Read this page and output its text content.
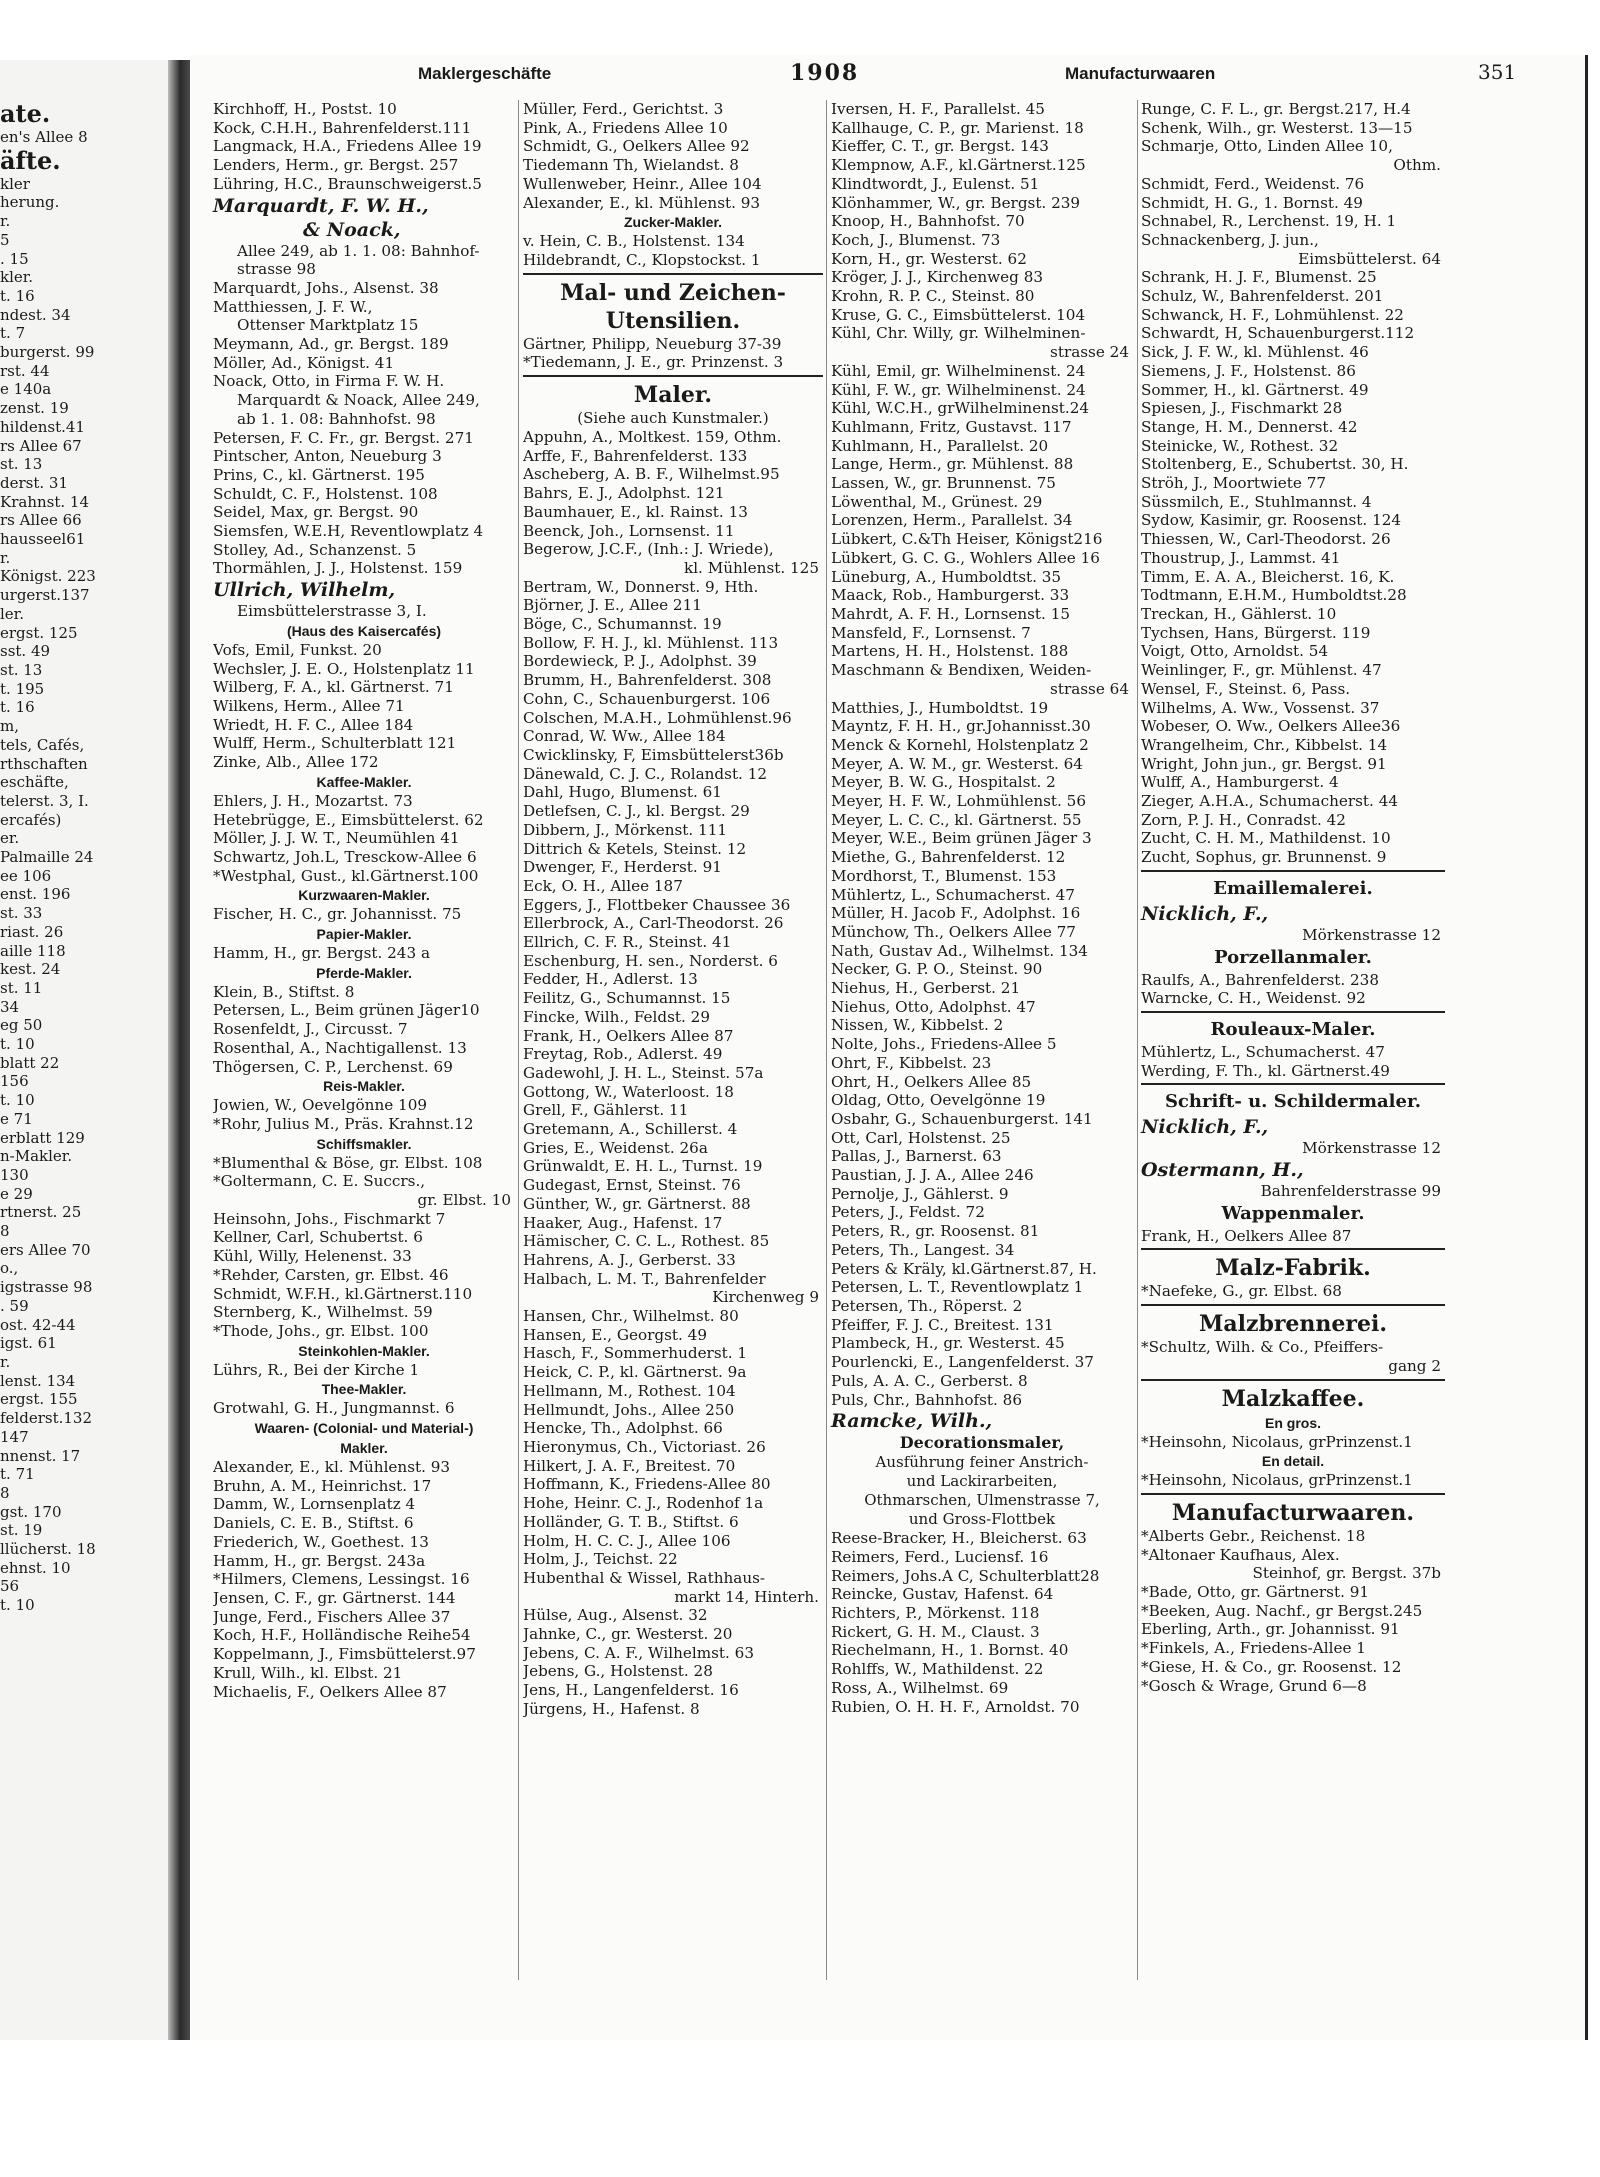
Maklergeschäfte	1908	Manufacturwaaren	351
ate.
en's Allee 8
äfte.
kler
herung.
r.
5
. 15
kler.
t. 16
ndest. 34
t. 7
burgerst. 99
rst. 44
e 140a
zenst. 19
hildenst.41
rs Allee 67
st. 13
derst. 31
Krahnst. 14
rs Allee 66
hausseel61
r.
Königst. 223
urgerst.137
ler.
ergst. 125
sst. 49
st. 13
t. 195
t. 16
m,
tels, Cafés,
rthschaften
eschäfte,
telerst. 3, I.
ercafés)
er.
Palmaille 24
ee 106
enst. 196
st. 33
riast. 26
aille 118
kest. 24
st. 11
34
eg 50
t. 10
blatt 22
156
t. 10
e 71
erblatt 129
n-Makler.
130
e 29
rtnerst. 25
8
ers Allee 70
o.,
igstrasse 98
. 59
ost. 42-44
igst. 61
r.
lenst. 134
ergst. 155
felderst.132
147
nnenst. 17
t. 71
8
gst. 170
st. 19
llücherst. 18
ehnst. 10
56
t. 10
Kirchhoff, H., Postst. 10
Kock, C.H.H., Bahrenfelderst.111
Langmack, H.A., Friedens Allee 19
Lenders, Herm., gr. Bergst. 257
Lühring, H.C., Braunschweigerst.5
Marquardt, F. W. H.,
& Noack,
Allee 249, ab 1. 1. 08: Bahnhof-
strasse 98
Marquardt, Johs., Alsenst. 38
Matthiessen, J. F. W.,
Ottenser Marktplatz 15
Meymann, Ad., gr. Bergst. 189
Möller, Ad., Königst. 41
Noack, Otto, in Firma F. W. H.
Marquardt & Noack, Allee 249,
ab 1. 1. 08: Bahnhofst. 98
Petersen, F. C. Fr., gr. Bergst. 271
Pintscher, Anton, Neueburg 3
Prins, C., kl. Gärtnerst. 195
Schuldt, C. F., Holstenst. 108
Seidel, Max, gr. Bergst. 90
Siemsfen, W.E.H, Reventlowplatz 4
Stolley, Ad., Schanzenst. 5
Thormählen, J. J., Holstenst. 159
Ullrich, Wilhelm,
Eimsbüttelerstrasse 3, I.
(Haus des Kaisercafés)
Vofs, Emil, Funkst. 20
Wechsler, J. E. O., Holstenplatz 11
Wilberg, F. A., kl. Gärtnerst. 71
Wilkens, Herm., Allee 71
Wriedt, H. F. C., Allee 184
Wulff, Herm., Schulterblatt 121
Zinke, Alb., Allee 172
Kaffee-Makler.
Ehlers, J. H., Mozartst. 73
Hetebrügge, E., Eimsbüttelerst. 62
Möller, J. J. W. T., Neumühlen 41
Schwartz, Joh.L, Tresckow-Allee 6
*Westphal, Gust., kl.Gärtnerst.100
Kurzwaaren-Makler.
Fischer, H. C., gr. Johannisst. 75
Papier-Makler.
Hamm, H., gr. Bergst. 243 a
Pferde-Makler.
Klein, B., Stiftst. 8
Petersen, L., Beim grünen Jäger10
Rosenfeldt, J., Circusst. 7
Rosenthal, A., Nachtigallenst. 13
Thögersen, C. P., Lerchenst. 69
Reis-Makler.
Jowien, W., Oevelgönne 109
*Rohr, Julius M., Präs. Krahnst.12
Schiffsmakler.
*Blumenthal & Böse, gr. Elbst. 108
*Goltermann, C. E. Succrs.,
gr. Elbst. 10
Heinsohn, Johs., Fischmarkt 7
Kellner, Carl, Schubertst. 6
Kühl, Willy, Helenenst. 33
*Rehder, Carsten, gr. Elbst. 46
Schmidt, W.F.H., kl.Gärtnerst.110
Sternberg, K., Wilhelmst. 59
*Thode, Johs., gr. Elbst. 100
Steinkohlen-Makler.
Lührs, R., Bei der Kirche 1
Thee-Makler.
Grotwahl, G. H., Jungmannst. 6
Waaren- (Colonial- und Material-)
Makler.
Alexander, E., kl. Mühlenst. 93
Bruhn, A. M., Heinrichst. 17
Damm, W., Lornsenplatz 4
Daniels, C. E. B., Stiftst. 6
Friederich, W., Goethest. 13
Hamm, H., gr. Bergst. 243a
*Hilmers, Clemens, Lessingst. 16
Jensen, C. F., gr. Gärtnerst. 144
Junge, Ferd., Fischers Allee 37
Koch, H.F., Holländische Reihe54
Koppelmann, J., Fimsbüttelerst.97
Krull, Wilh., kl. Elbst. 21
Michaelis, F., Oelkers Allee 87
Müller, Ferd., Gerichtst. 3
Pink, A., Friedens Allee 10
Schmidt, G., Oelkers Allee 92
Tiedemann Th, Wielandst. 8
Wullenweber, Heinr., Allee 104
Alexander, E., kl. Mühlenst. 93
Zucker-Makler.
v. Hein, C. B., Holstenst. 134
Hildebrandt, C., Klopstockst. 1
Mal- und Zeichen-
Utensilien.
Gärtner, Philipp, Neueburg 37-39
*Tiedemann, J. E., gr. Prinzenst. 3
Maler.
(Siehe auch Kunstmaler.)
Appuhn, A., Moltkest. 159, Othm.
Arffe, F., Bahrenfelderst. 133
Ascheberg, A. B. F., Wilhelmst.95
Bahrs, E. J., Adolphst. 121
Baumhauer, E., kl. Rainst. 13
Beenck, Joh., Lornsenst. 11
Begerow, J.C.F., (Inh.: J. Wriede),
kl. Mühlenst. 125
Bertram, W., Donnerst. 9, Hth.
Björner, J. E., Allee 211
Böge, C., Schumannst. 19
Bollow, F. H. J., kl. Mühlenst. 113
Bordewieck, P. J., Adolphst. 39
Brumm, H., Bahrenfelderst. 308
Cohn, C., Schauenburgerst. 106
Colschen, M.A.H., Lohmühlenst.96
Conrad, W. Ww., Allee 184
Cwicklinsky, F, Eimsbüttelerst36b
Dänewald, C. J. C., Rolandst. 12
Dahl, Hugo, Blumenst. 61
Detlefsen, C. J., kl. Bergst. 29
Dibbern, J., Mörkenst. 111
Dittrich & Ketels, Steinst. 12
Dwenger, F., Herderst. 91
Eck, O. H., Allee 187
Eggers, J., Flottbeker Chaussee 36
Ellerbrock, A., Carl-Theodorst. 26
Ellrich, C. F. R., Steinst. 41
Eschenburg, H. sen., Norderst. 6
Fedder, H., Adlerst. 13
Feilitz, G., Schumannst. 15
Fincke, Wilh., Feldst. 29
Frank, H., Oelkers Allee 87
Freytag, Rob., Adlerst. 49
Gadewohl, J. H. L., Steinst. 57a
Gottong, W., Waterloost. 18
Grell, F., Gählerst. 11
Gretemann, A., Schillerst. 4
Gries, E., Weidenst. 26a
Grünwaldt, E. H. L., Turnst. 19
Gudegast, Ernst, Steinst. 76
Günther, W., gr. Gärtnerst. 88
Haaker, Aug., Hafenst. 17
Hämischer, C. C. L., Rothest. 85
Hahrens, A. J., Gerberst. 33
Halbach, L. M. T., Bahrenfelder
Kirchenweg 9
Hansen, Chr., Wilhelmst. 80
Hansen, E., Georgst. 49
Hasch, F., Sommerhuderst. 1
Heick, C. P., kl. Gärtnerst. 9a
Hellmann, M., Rothest. 104
Hellmundt, Johs., Allee 250
Hencke, Th., Adolphst. 66
Hieronymus, Ch., Victoriast. 26
Hilkert, J. A. F., Breitest. 70
Hoffmann, K., Friedens-Allee 80
Hohe, Heinr. C. J., Rodenhof 1a
Holländer, G. T. B., Stiftst. 6
Holm, H. C. C. J., Allee 106
Holm, J., Teichst. 22
Hubenthal & Wissel, Rathhaus-
markt 14, Hinterh.
Hülse, Aug., Alsenst. 32
Jahnke, C., gr. Westerst. 20
Jebens, C. A. F., Wilhelmst. 63
Jebens, G., Holstenst. 28
Jens, H., Langenfelderst. 16
Jürgens, H., Hafenst. 8
Iversen, H. F., Parallelst. 45
Kallhauge, C. P., gr. Marienst. 18
Kieffer, C. T., gr. Bergst. 143
Klempnow, A.F., kl.Gärtnerst.125
Klindtwordt, J., Eulenst. 51
Klönhammer, W., gr. Bergst. 239
Knoop, H., Bahnhofst. 70
Koch, J., Blumenst. 73
Korn, H., gr. Westerst. 62
Kröger, J. J., Kirchenweg 83
Krohn, R. P. C., Steinst. 80
Kruse, G. C., Eimsbüttelerst. 104
Kühl, Chr. Willy, gr. Wilhelminen-
strasse 24
Kühl, Emil, gr. Wilhelminenst. 24
Kühl, F. W., gr. Wilhelminenst. 24
Kühl, W.C.H., grWilhelminenst.24
Kuhlmann, Fritz, Gustavst. 117
Kuhlmann, H., Parallelst. 20
Lange, Herm., gr. Mühlenst. 88
Lassen, W., gr. Brunnenst. 75
Löwenthal, M., Grünest. 29
Lorenzen, Herm., Parallelst. 34
Lübkert, C.&Th Heiser, Königst216
Lübkert, G. C. G., Wohlers Allee 16
Lüneburg, A., Humboldtst. 35
Maack, Rob., Hamburgerst. 33
Mahrdt, A. F. H., Lornsenst. 15
Mansfeld, F., Lornsenst. 7
Martens, H. H., Holstenst. 188
Maschmann & Bendixen, Weiden-
strasse 64
Matthies, J., Humboldtst. 19
Mayntz, F. H. H., gr.Johannisst.30
Menck & Kornehl, Holstenplatz 2
Meyer, A. W. M., gr. Westerst. 64
Meyer, B. W. G., Hospitalst. 2
Meyer, H. F. W., Lohmühlenst. 56
Meyer, L. C. C., kl. Gärtnerst. 55
Meyer, W.E., Beim grünen Jäger 3
Miethe, G., Bahrenfelderst. 12
Mordhorst, T., Blumenst. 153
Mühlertz, L., Schumacherst. 47
Müller, H. Jacob F., Adolphst. 16
Münchow, Th., Oelkers Allee 77
Nath, Gustav Ad., Wilhelmst. 134
Necker, G. P. O., Steinst. 90
Niehus, H., Gerberst. 21
Niehus, Otto, Adolphst. 47
Nissen, W., Kibbelst. 2
Nolte, Johs., Friedens-Allee 5
Ohrt, F., Kibbelst. 23
Ohrt, H., Oelkers Allee 85
Oldag, Otto, Oevelgönne 19
Osbahr, G., Schauenburgerst. 141
Ott, Carl, Holstenst. 25
Pallas, J., Barnerst. 63
Paustian, J. J. A., Allee 246
Pernolje, J., Gählerst. 9
Peters, J., Feldst. 72
Peters, R., gr. Roosenst. 81
Peters, Th., Langest. 34
Peters & Kräly, kl.Gärtnerst.87, H.
Petersen, L. T., Reventlowplatz 1
Petersen, Th., Röperst. 2
Pfeiffer, F. J. C., Breitest. 131
Plambeck, H., gr. Westerst. 45
Pourlencki, E., Langenfelderst. 37
Puls, A. A. C., Gerberst. 8
Puls, Chr., Bahnhofst. 86
Ramcke, Wilh.,
Decorationsmaler,
Ausführung feiner Anstrich-
und Lackirarbeiten,
Othmarschen, Ulmenstrasse 7,
und Gross-Flottbek
Reese-Bracker, H., Bleicherst. 63
Reimers, Ferd., Luciensf. 16
Reimers, Johs.A C, Schulterblatt28
Reincke, Gustav, Hafenst. 64
Richters, P., Mörkenst. 118
Rickert, G. H. M., Claust. 3
Riechelmann, H., 1. Bornst. 40
Rohlffs, W., Mathildenst. 22
Ross, A., Wilhelmst. 69
Rubien, O. H. H. F., Arnoldst. 70
Runge, C. F. L., gr. Bergst.217, H.4
Schenk, Wilh., gr. Westerst. 13—15
Schmarje, Otto, Linden Allee 10,
Othm.
Schmidt, Ferd., Weidenst. 76
Schmidt, H. G., 1. Bornst. 49
Schnabel, R., Lerchenst. 19, H. 1
Schnackenberg, J. jun.,
Eimsbüttelerst. 64
Schrank, H. J. F., Blumenst. 25
Schulz, W., Bahrenfelderst. 201
Schwanck, H. F., Lohmühlenst. 22
Schwardt, H, Schauenburgerst.112
Sick, J. F. W., kl. Mühlenst. 46
Siemens, J. F., Holstenst. 86
Sommer, H., kl. Gärtnerst. 49
Spiesen, J., Fischmarkt 28
Stange, H. M., Dennerst. 42
Steinicke, W., Rothest. 32
Stoltenberg, E., Schubertst. 30, H.
Ströh, J., Moortwiete 77
Süssmilch, E., Stuhlmannst. 4
Sydow, Kasimir, gr. Roosenst. 124
Thiessen, W., Carl-Theodorst. 26
Thoustrup, J., Lammst. 41
Timm, E. A. A., Bleicherst. 16, K.
Todtmann, E.H.M., Humboldtst.28
Treckan, H., Gählerst. 10
Tychsen, Hans, Bürgerst. 119
Voigt, Otto, Arnoldst. 54
Weinlinger, F., gr. Mühlenst. 47
Wensel, F., Steinst. 6, Pass.
Wilhelms, A. Ww., Vossenst. 37
Wobeser, O. Ww., Oelkers Allee36
Wrangelheim, Chr., Kibbelst. 14
Wright, John jun., gr. Bergst. 91
Wulff, A., Hamburgerst. 4
Zieger, A.H.A., Schumacherst. 44
Zorn, P. J. H., Conradst. 42
Zucht, C. H. M., Mathildenst. 10
Zucht, Sophus, gr. Brunnenst. 9
Emaillemalerei.
Nicklich, F.,
Mörkenstrasse 12
Porzellanmaler.
Raulfs, A., Bahrenfelderst. 238
Warncke, C. H., Weidenst. 92
Rouleaux-Maler.
Mühlertz, L., Schumacherst. 47
Werding, F. Th., kl. Gärtnerst.49
Schrift- u. Schildermaler.
Nicklich, F.,
Mörkenstrasse 12
Ostermann, H.,
Bahrenfelderstrasse 99
Wappenmaler.
Frank, H., Oelkers Allee 87
Malz-Fabrik.
*Naefeke, G., gr. Elbst. 68
Malzbrennerei.
*Schultz, Wilh. & Co., Pfeiffers-
gang 2
Malzkaffee.
En gros.
*Heinsohn, Nicolaus, grPrinzenst.1
En detail.
*Heinsohn, Nicolaus, grPrinzenst.1
Manufacturwaaren.
*Alberts Gebr., Reichenst. 18
*Altonaer Kaufhaus, Alex.
Steinhof, gr. Bergst. 37b
*Bade, Otto, gr. Gärtnerst. 91
*Beeken, Aug. Nachf., gr Bergst.245
Eberling, Arth., gr. Johannisst. 91
*Finkels, A., Friedens-Allee 1
*Giese, H. & Co., gr. Roosenst. 12
*Gosch & Wrage, Grund 6—8
